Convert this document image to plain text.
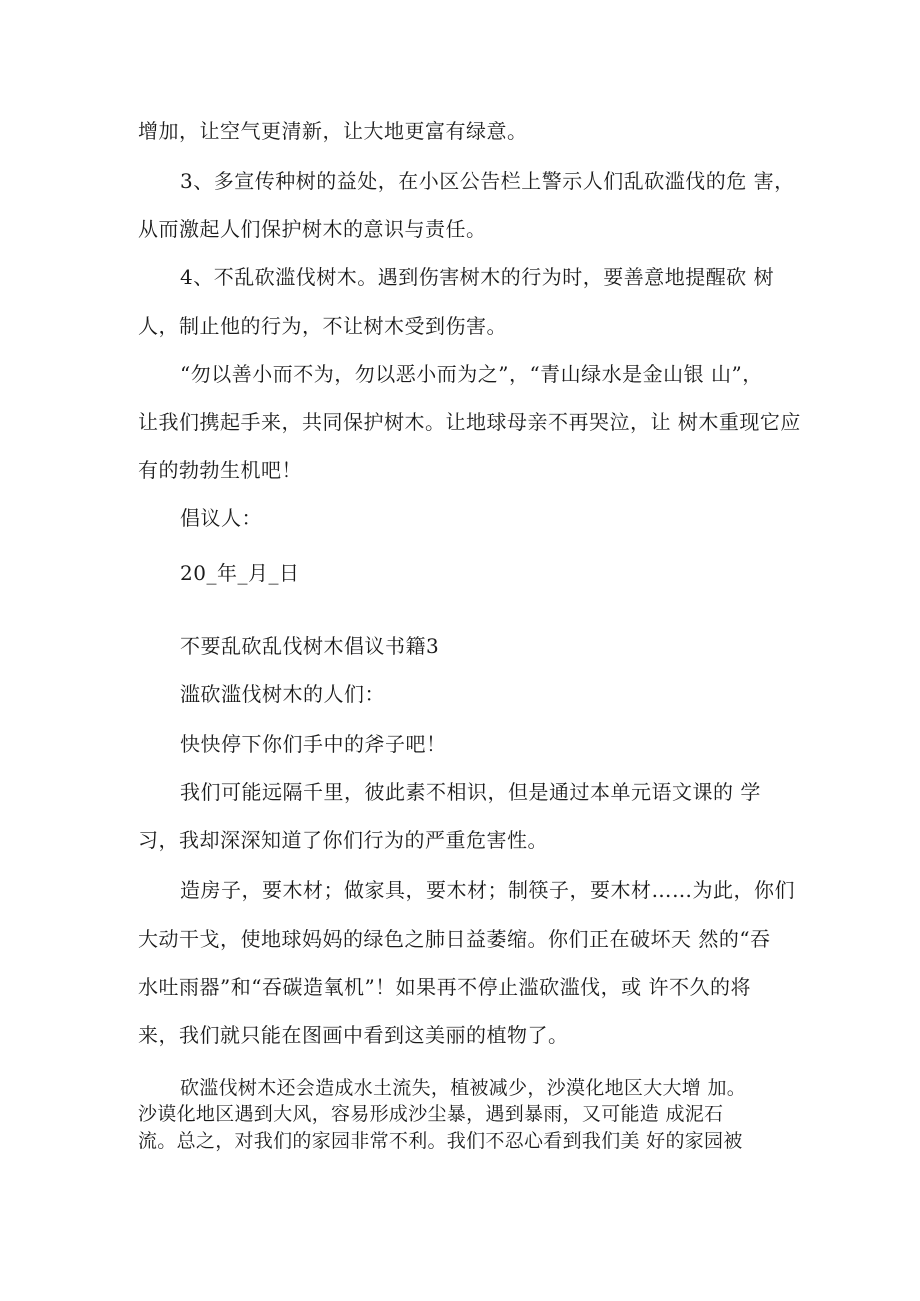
增加，让空气更清新，让大地更富有绿意。
3、多宣传种树的益处，在小区公告栏上警示人们乱砍滥伐的危 害，
从而激起人们保护树木的意识与责任。
4、不乱砍滥伐树木。遇到伤害树木的行为时，要善意地提醒砍 树
人，制止他的行为，不让树木受到伤害。
“勿以善小而不为，勿以恶小而为之”，“青山绿水是金山银 山”，
让我们携起手来，共同保护树木。让地球母亲不再哭泣，让 树木重现它应
有的勃勃生机吧！
倡议人：
20_年_月_日
不要乱砍乱伐树木倡议书籍3
滥砍滥伐树木的人们：
快快停下你们手中的斧子吧！
我们可能远隔千里，彼此素不相识，但是通过本单元语文课的 学
习，我却深深知道了你们行为的严重危害性。
造房子，要木材；做家具，要木材；制筷子，要木材……为此，你们
大动干戈，使地球妈妈的绿色之肺日益萎缩。你们正在破坏天 然的“吞
水吐雨器”和“吞碳造氧机”！如果再不停止滥砍滥伐，或 许不久的将
来，我们就只能在图画中看到这美丽的植物了。
砍滥伐树木还会造成水土流失，植被减少，沙漠化地区大大增 加。
沙谟化地区遇到大风，容易形成沙尘暴，遇到暴雨，又可能造 成泥石
流。总之，对我们的家园非常不利。我们不忍心看到我们美 好的家园被
